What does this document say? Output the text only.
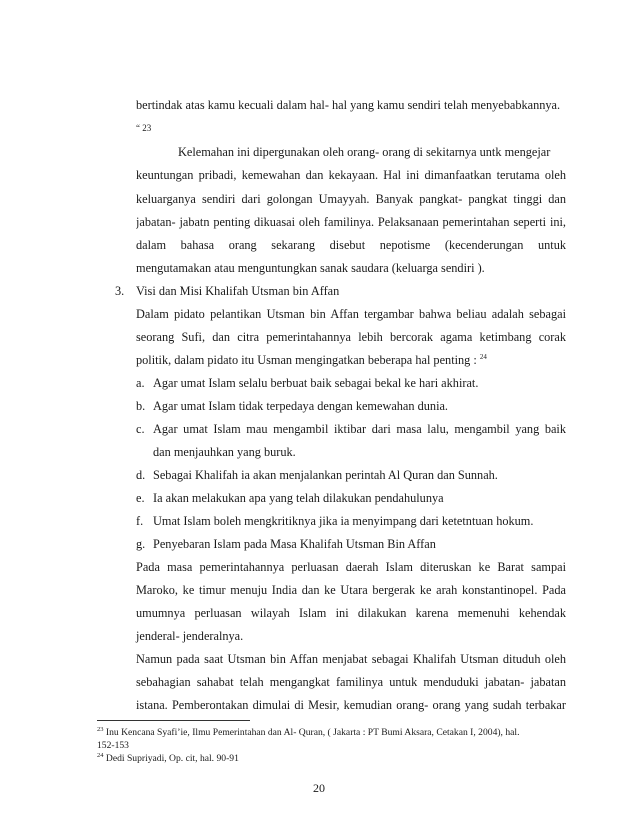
bertindak atas kamu kecuali dalam hal- hal yang kamu sendiri telah menyebabkannya.
“ 23
Kelemahan ini dipergunakan oleh orang- orang di sekitarnya untk mengejar
keuntungan pribadi, kemewahan dan kekayaan. Hal ini dimanfaatkan terutama oleh
keluarganya sendiri dari golongan Umayyah. Banyak pangkat- pangkat tinggi dan
jabatan- jabatn penting dikuasai oleh familinya. Pelaksanaan pemerintahan seperti ini,
dalam bahasa orang sekarang disebut nepotisme (kecenderungan untuk
mengutamakan atau menguntungkan sanak saudara (keluarga sendiri ).
3. Visi dan Misi Khalifah Utsman bin Affan
Dalam pidato pelantikan Utsman bin Affan tergambar bahwa beliau adalah sebagai
seorang Sufi, dan citra pemerintahannya lebih bercorak agama ketimbang corak
politik, dalam pidato itu Usman mengingatkan beberapa hal penting : $^{24}$
a. Agar umat Islam selalu berbuat baik sebagai bekal ke hari akhirat.
b. Agar umat Islam tidak terpedaya dengan kemewahan dunia.
c. Agar umat Islam mau mengambil iktibar dari masa lalu, mengambil yang baik
dan menjauhkan yang buruk.
d. Sebagai Khalifah ia akan menjalankan perintah Al Quran dan Sunnah.
e. Ia akan melakukan apa yang telah dilakukan pendahulunya
f. Umat Islam boleh mengkritiknya jika ia menyimpang dari ketetntuan hokum.
g. Penyebaran Islam pada Masa Khalifah Utsman Bin Affan
Pada masa pemerintahannya perluasan daerah Islam diteruskan ke Barat sampai
Maroko, ke timur menuju India dan ke Utara bergerak ke arah konstantinopel. Pada
umumnya perluasan wilayah Islam ini dilakukan karena memenuhi kehendak
jenderal- jenderalnya.
Namun pada saat Utsman bin Affan menjabat sebagai Khalifah Utsman dituduh oleh
sebahagian sahabat telah mengangkat familinya untuk menduduki jabatan- jabatan
istana. Pemberontakan dimulai di Mesir, kemudian orang- orang yang sudah terbakar
$^{23}$ Inu Kencana Syafi’ie, Ilmu Pemerintahan dan Al- Quran, ( Jakarta : PT Bumi Aksara, Cetakan I, 2004), hal.
152-153
$^{24}$ Dedi Supriyadi, Op. cit, hal. 90-91
20
